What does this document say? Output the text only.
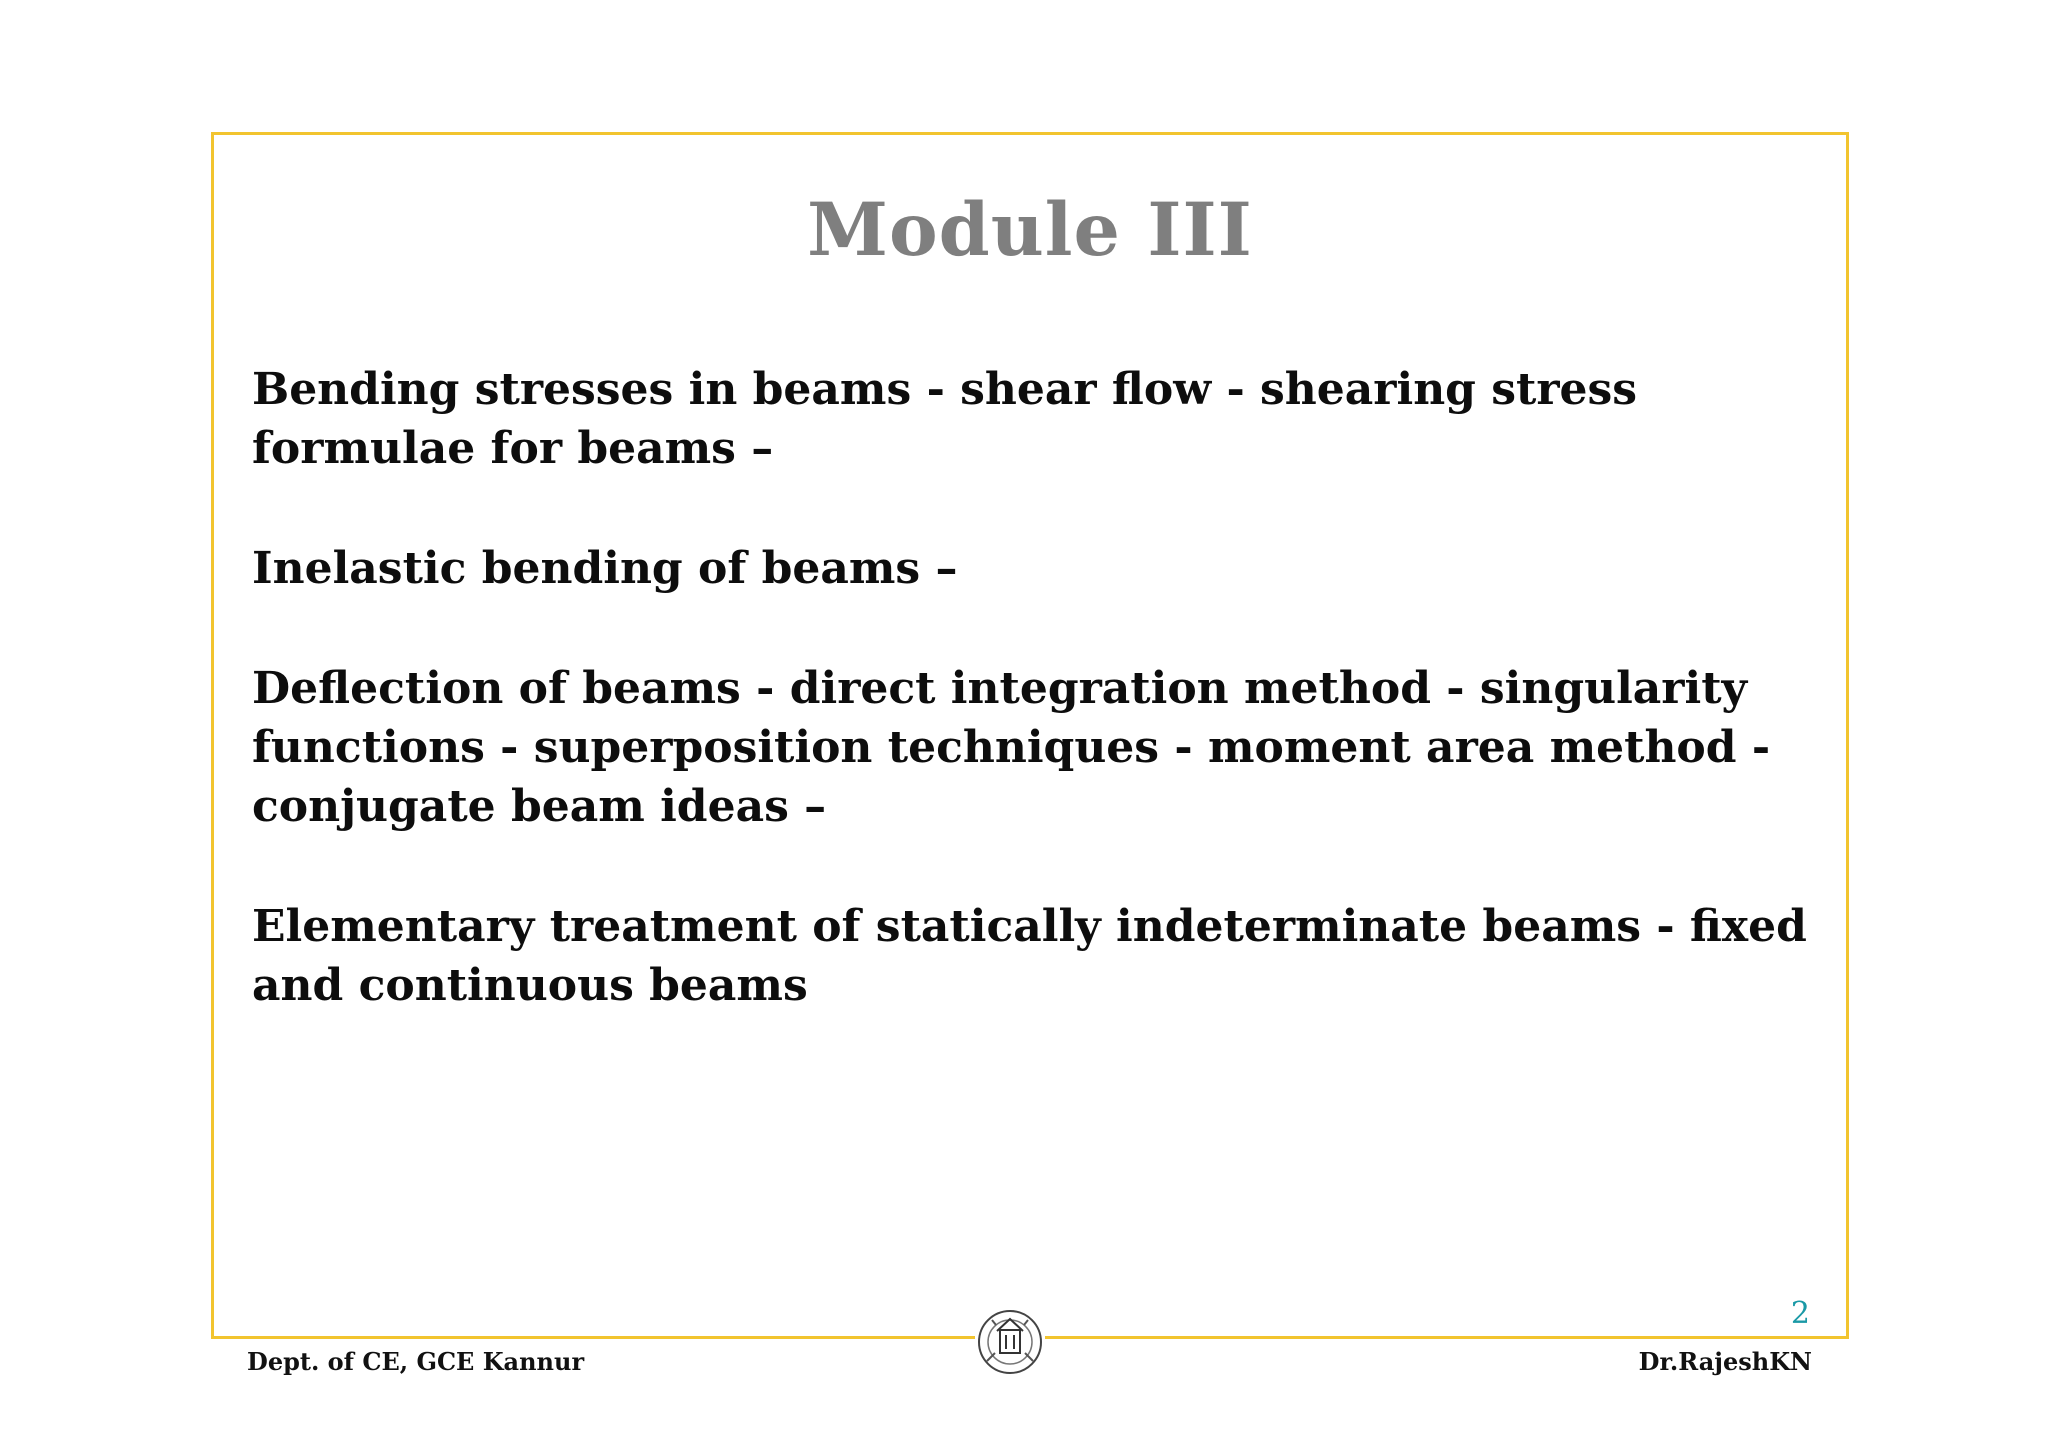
Module III
Bending stresses in beams - shear flow - shearing stress formulae for beams –
Inelastic bending of beams –
Deflection of beams - direct integration method - singularity functions - superposition techniques - moment area method - conjugate beam ideas –
Elementary treatment of statically indeterminate beams - fixed and continuous beams
2
Dept. of CE, GCE Kannur	Dr.RajeshKN
